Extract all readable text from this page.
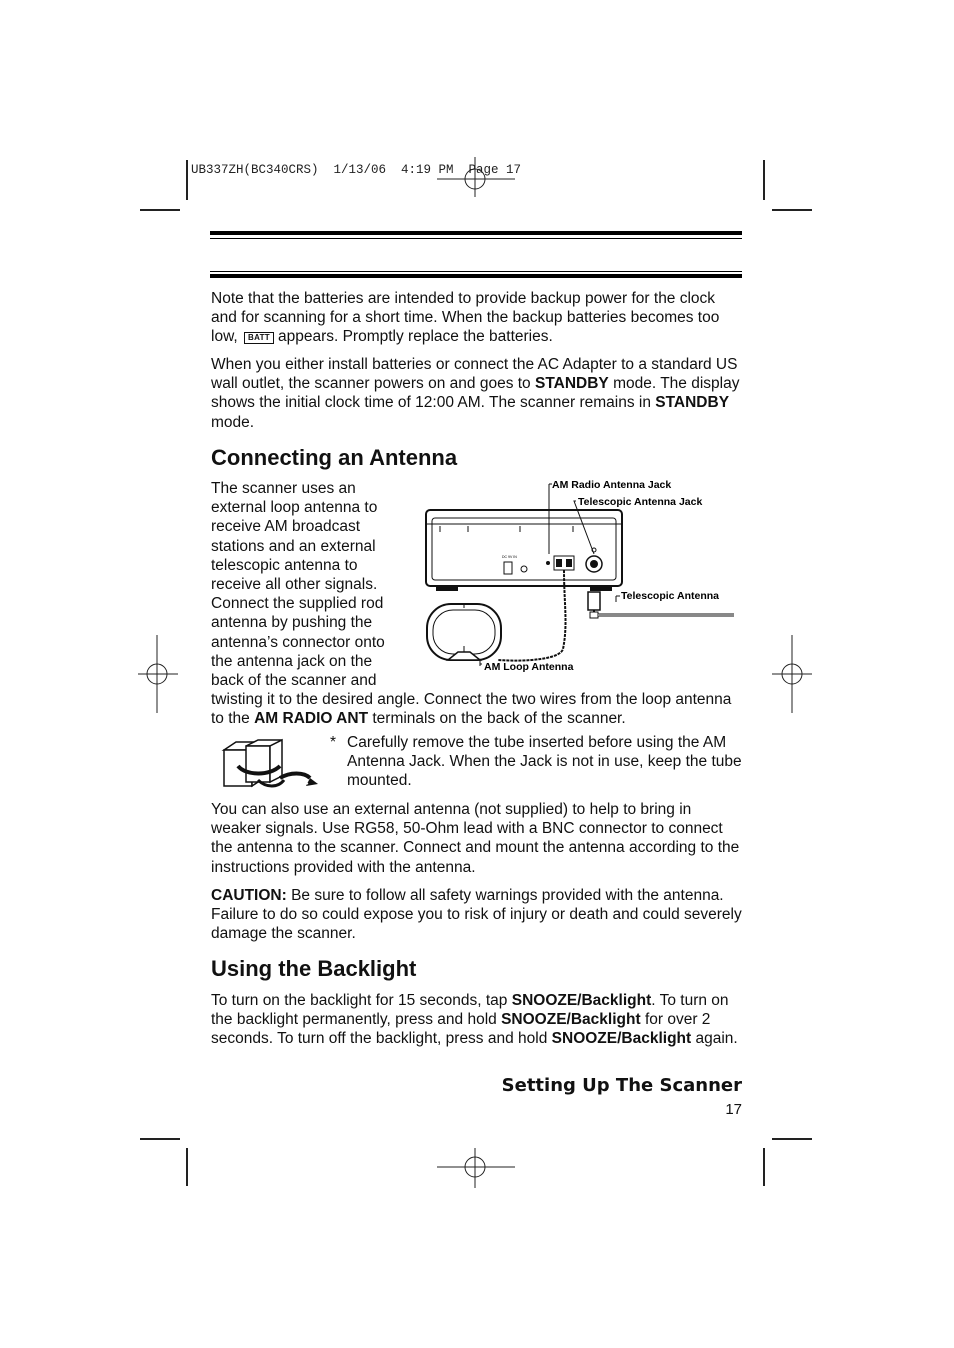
UB337ZH(BC340CRS)  1/13/06  4:19 PM  Page 17

Note that the batteries are intended to provide backup power for the clock and for scanning for a short time. When the backup batteries becomes too low, BATT appears. Promptly replace the batteries.

When you either install batteries or connect the AC Adapter to a standard US wall outlet, the scanner powers on and goes to STANDBY mode. The display shows the initial clock time of 12:00 AM. The scanner remains in STANDBY mode.

Connecting an Antenna
The scanner uses an
external loop antenna to
receive AM broadcast
stations and an external
telescopic antenna to
receive all other signals.
Connect the supplied rod
antenna by pushing the
antenna’s connector onto
the antenna jack on the
back of the scanner and
DC 9V IN
AM Radio Antenna Jack
Telescopic Antenna Jack
Telescopic Antenna
AM Loop Antenna

twisting it to the desired angle. Connect the two wires from the loop antenna to the AM RADIO ANT terminals on the back of the scanner.

* Carefully remove the tube inserted before using the AM Antenna Jack. When the Jack is not in use, keep the tube mounted.

You can also use an external antenna (not supplied) to help to bring in weaker signals. Use RG58, 50-Ohm lead with a BNC connector to connect the antenna to the scanner. Connect and mount the antenna according to the instructions provided with the antenna.

CAUTION: Be sure to follow all safety warnings provided with the antenna. Failure to do so could expose you to risk of injury or death and could severely damage the scanner.

Using the Backlight

To turn on the backlight for 15 seconds, tap SNOOZE/Backlight. To turn on the backlight permanently, press and hold SNOOZE/Backlight for over 2 seconds. To turn off the backlight, press and hold SNOOZE/Backlight again.

Setting Up The Scanner
17
